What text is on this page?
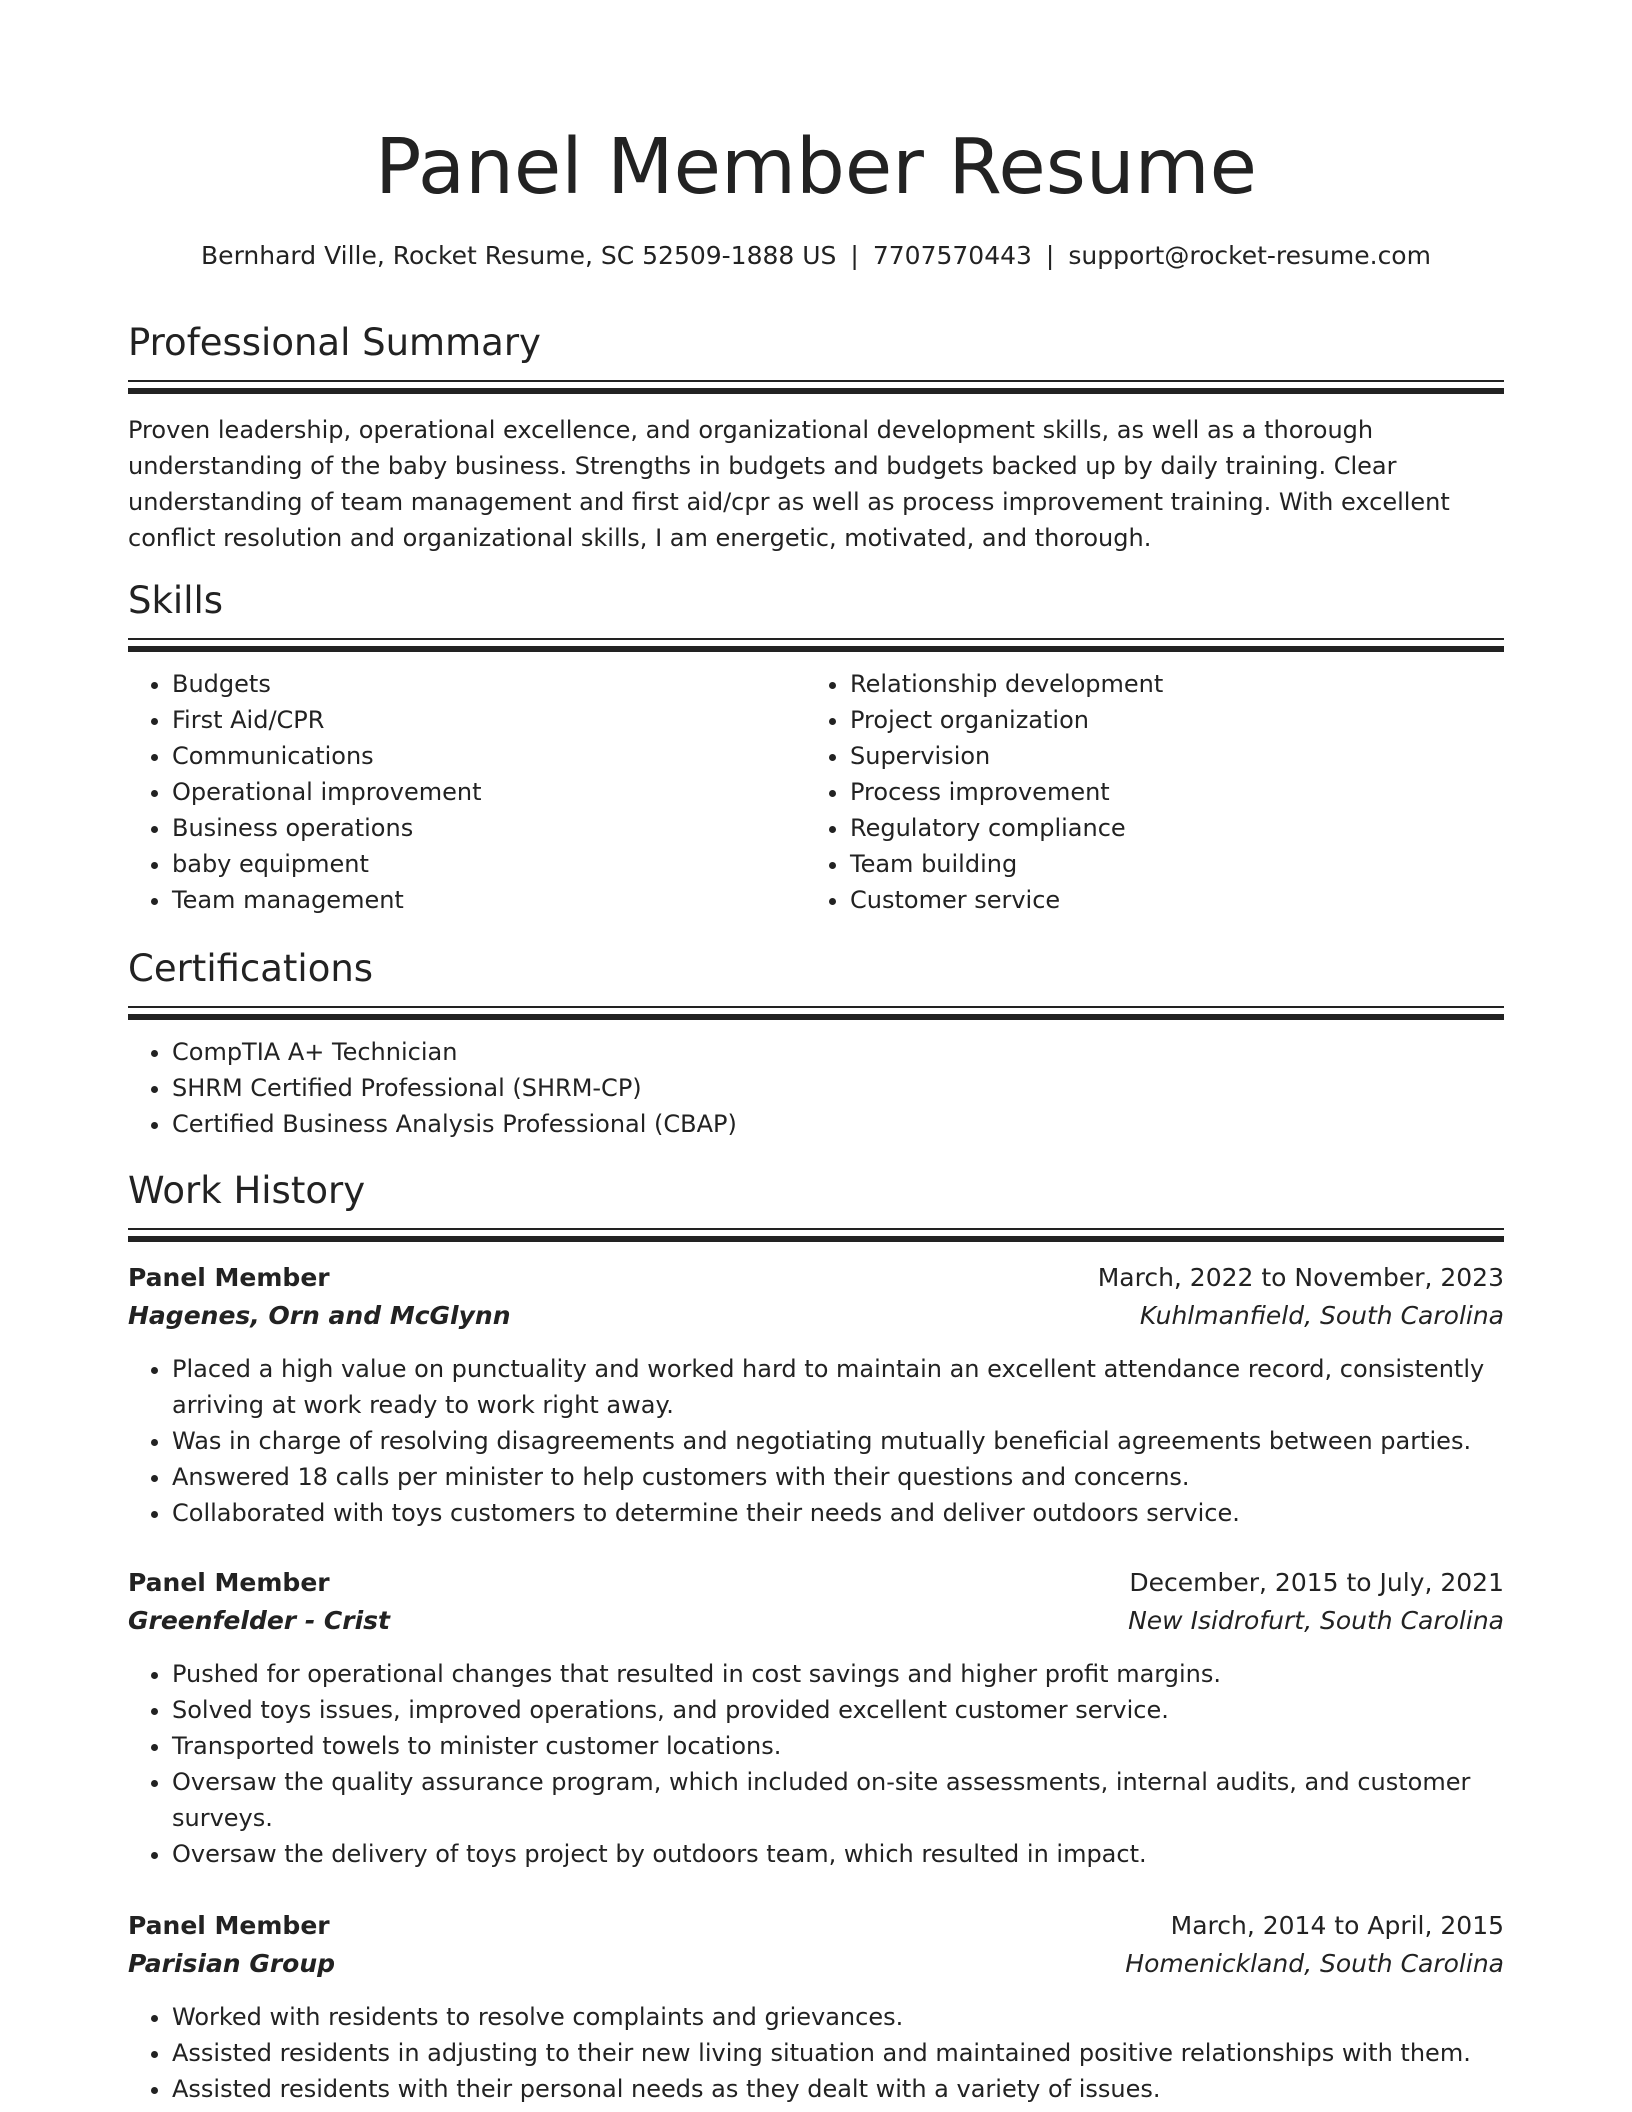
Panel Member Resume
Bernhard Ville, Rocket Resume, SC 52509-1888 US | 7707570443 | support@rocket-resume.com
Professional Summary

Proven leadership, operational excellence, and organizational development skills, as well as a thorough understanding of the baby business. Strengths in budgets and budgets backed up by daily training. Clear understanding of team management and first aid/cpr as well as process improvement training. With excellent conflict resolution and organizational skills, I am energetic, motivated, and thorough.

Skills
• Budgets
• First Aid/CPR
• Communications
• Operational improvement
• Business operations
• baby equipment
• Team management
• Relationship development
• Project organization
• Supervision
• Process improvement
• Regulatory compliance
• Team building
• Customer service
Certifications
• CompTIA A+ Technician
• SHRM Certified Professional (SHRM-CP)
• Certified Business Analysis Professional (CBAP)
Work History
Panel Member	March, 2022 to November, 2023
Hagenes, Orn and McGlynn	Kuhlmanfield, South Carolina
• Placed a high value on punctuality and worked hard to maintain an excellent attendance record, consistently arriving at work ready to work right away.
• Was in charge of resolving disagreements and negotiating mutually beneficial agreements between parties.
• Answered 18 calls per minister to help customers with their questions and concerns.
• Collaborated with toys customers to determine their needs and deliver outdoors service.
Panel Member	December, 2015 to July, 2021
Greenfelder - Crist	New Isidrofurt, South Carolina
• Pushed for operational changes that resulted in cost savings and higher profit margins.
• Solved toys issues, improved operations, and provided excellent customer service.
• Transported towels to minister customer locations.
• Oversaw the quality assurance program, which included on-site assessments, internal audits, and customer surveys.
• Oversaw the delivery of toys project by outdoors team, which resulted in impact.
Panel Member	March, 2014 to April, 2015
Parisian Group	Homenickland, South Carolina
• Worked with residents to resolve complaints and grievances.
• Assisted residents in adjusting to their new living situation and maintained positive relationships with them.
• Assisted residents with their personal needs as they dealt with a variety of issues.
